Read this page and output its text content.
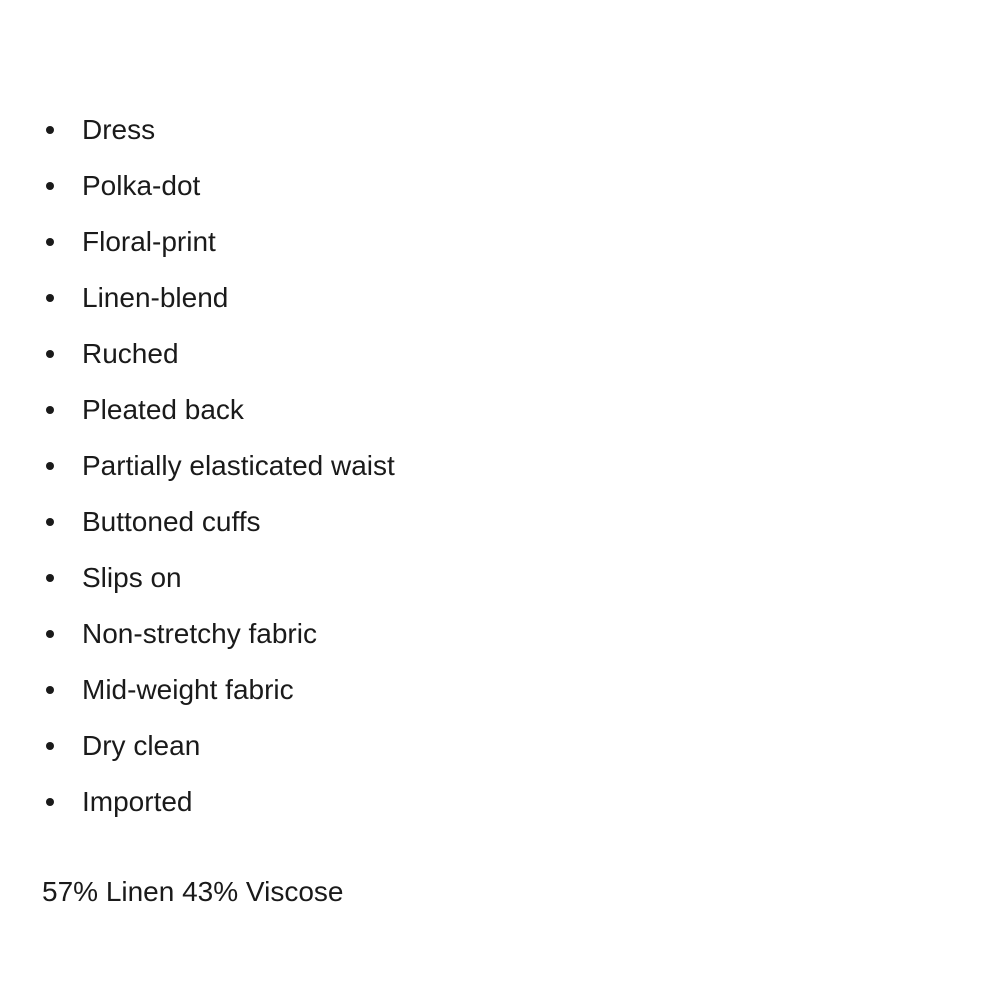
Dress
Polka-dot
Floral-print
Linen-blend
Ruched
Pleated back
Partially elasticated waist
Buttoned cuffs
Slips on
Non-stretchy fabric
Mid-weight fabric
Dry clean
Imported

57% Linen 43% Viscose
